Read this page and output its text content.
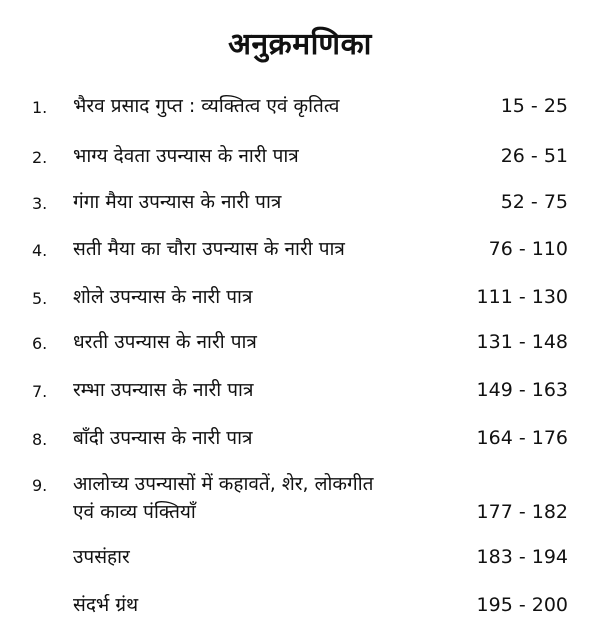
अनुक्रमणिका
1.	भैरव प्रसाद गुप्त : व्यक्तित्व एवं कृतित्व	15 - 25
2.	भाग्य देवता उपन्यास के नारी पात्र	26 - 51
3.	गंगा मैया उपन्यास के नारी पात्र	52 - 75
4.	सती मैया का चौरा उपन्यास के नारी पात्र	76 - 110
5.	शोले उपन्यास के नारी पात्र	111 - 130
6.	धरती उपन्यास के नारी पात्र	131 - 148
7.	रम्भा उपन्यास के नारी पात्र	149 - 163
8.	बाँदी उपन्यास के नारी पात्र	164 - 176
9.	आलोच्य उपन्यासों में कहावतें, शेर, लोकगीत
एवं काव्य पंक्तियाँ	177 - 182
उपसंहार	183 - 194
संदर्भ ग्रंथ	195 - 200
